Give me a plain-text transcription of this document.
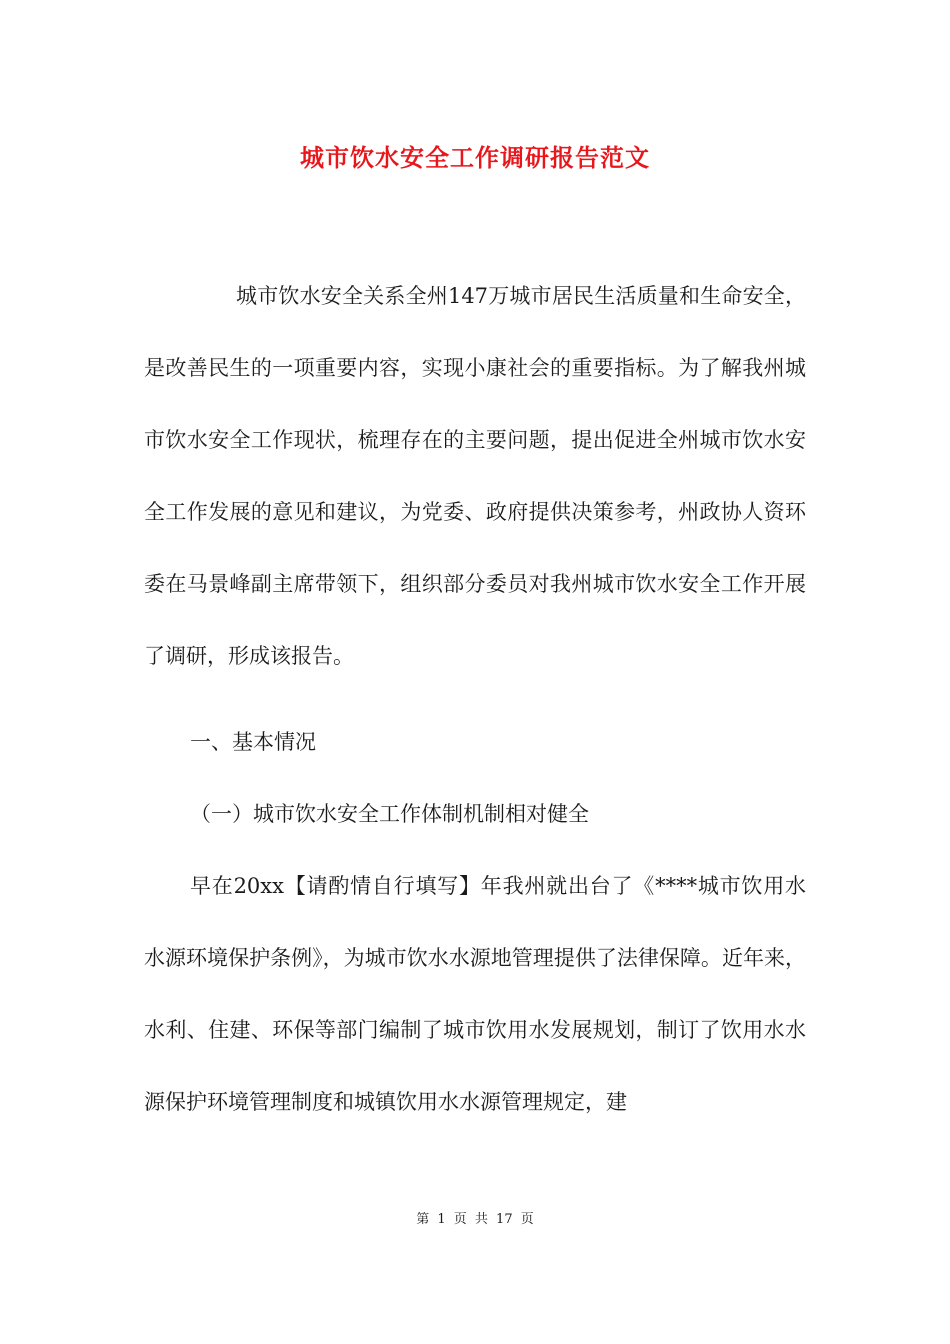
城市饮水安全工作调研报告范文

城市饮水安全关系全州147万城市居民生活质量和生命安全，是改善民生的一项重要内容，实现小康社会的重要指标。为了解我州城市饮水安全工作现状，梳理存在的主要问题，提出促进全州城市饮水安全工作发展的意见和建议，为党委、政府提供决策参考，州政协人资环委在马景峰副主席带领下，组织部分委员对我州城市饮水安全工作开展了调研，形成该报告。

一、基本情况

（一）城市饮水安全工作体制机制相对健全

早在20xx【请酌情自行填写】年我州就出台了《****城市饮用水水源环境保护条例》，为城市饮水水源地管理提供了法律保障。近年来，水利、住建、环保等部门编制了城市饮用水发展规划，制订了饮用水水源保护环境管理制度和城镇饮用水水源管理规定，建

第 1 页 共 17 页
